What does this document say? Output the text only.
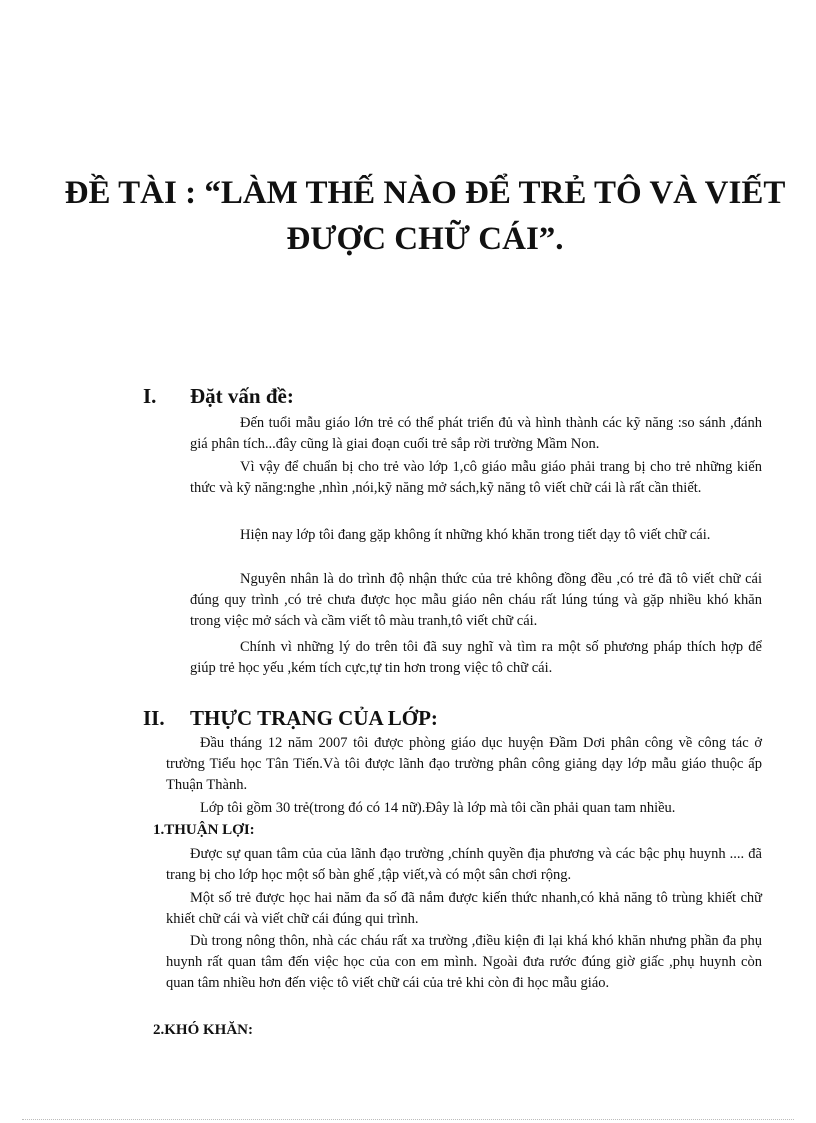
ĐỀ TÀI : “LÀM THẾ NÀO ĐỂ TRẺ TÔ VÀ VIẾT
ĐƯỢC CHỮ CÁI”.
I. Đặt vấn đề:
Đến tuổi mẫu giáo lớn trẻ có thể phát triển đủ và hình thành các kỹ năng :so sánh ,đánh giá phân tích...đây cũng là giai đoạn cuối trẻ sắp rời trường Mầm Non.
Vì vậy để chuẩn bị cho trẻ vào lớp 1,cô giáo mẫu giáo phải trang bị cho trẻ những kiến thức và kỹ năng:nghe ,nhìn ,nói,kỹ năng mở sách,kỹ năng tô viết chữ cái là rất cần thiết.
Hiện nay lớp tôi đang gặp không ít những khó khăn trong tiết dạy tô viết chữ cái.
Nguyên nhân là do trình độ nhận thức của trẻ không đồng đều ,có trẻ đã tô viết chữ cái đúng quy trình ,có trẻ chưa được học mẫu giáo nên cháu rất lúng túng và gặp nhiều khó khăn trong việc mở sách và cầm viết tô màu tranh,tô viết chữ cái.
Chính vì những lý do trên tôi đã suy nghĩ và tìm ra một số phương pháp thích hợp để giúp trẻ học yếu ,kém tích cực,tự tin hơn trong việc tô chữ cái.
II. THỰC TRẠNG CỦA LỚP:
Đầu tháng 12 năm 2007 tôi được phòng giáo dục huyện Đầm Dơi phân công về công tác ở trường Tiểu học Tân Tiến.Và tôi được lãnh đạo trường phân công giảng dạy lớp mẫu giáo thuộc ấp Thuận Thành.
Lớp tôi gồm 30 trẻ(trong đó có 14 nữ).Đây là lớp mà tôi cần phải quan tam nhiều.
1.THUẬN LỢI:
Được sự quan tâm của của lãnh đạo trường ,chính quyền địa phương và các bậc phụ huynh .... đã trang bị cho lớp học một số bàn ghế ,tập viết,và có một sân chơi rộng.
Một số trẻ được học hai năm đa số đã nắm được kiến thức nhanh,có khả năng tô trùng khiết chữ khiết chữ cái và viết chữ cái đúng qui trình.
Dù trong nông thôn, nhà các cháu rất xa trường ,điều kiện đi lại khá khó khăn nhưng phần đa phụ huynh rất quan tâm đến việc học của con em mình. Ngoài đưa rước đúng giờ giấc ,phụ huynh còn quan tâm nhiều hơn đến việc tô viết chữ cái của trẻ khi còn đi học mẫu giáo.
2.KHÓ KHĂN:
